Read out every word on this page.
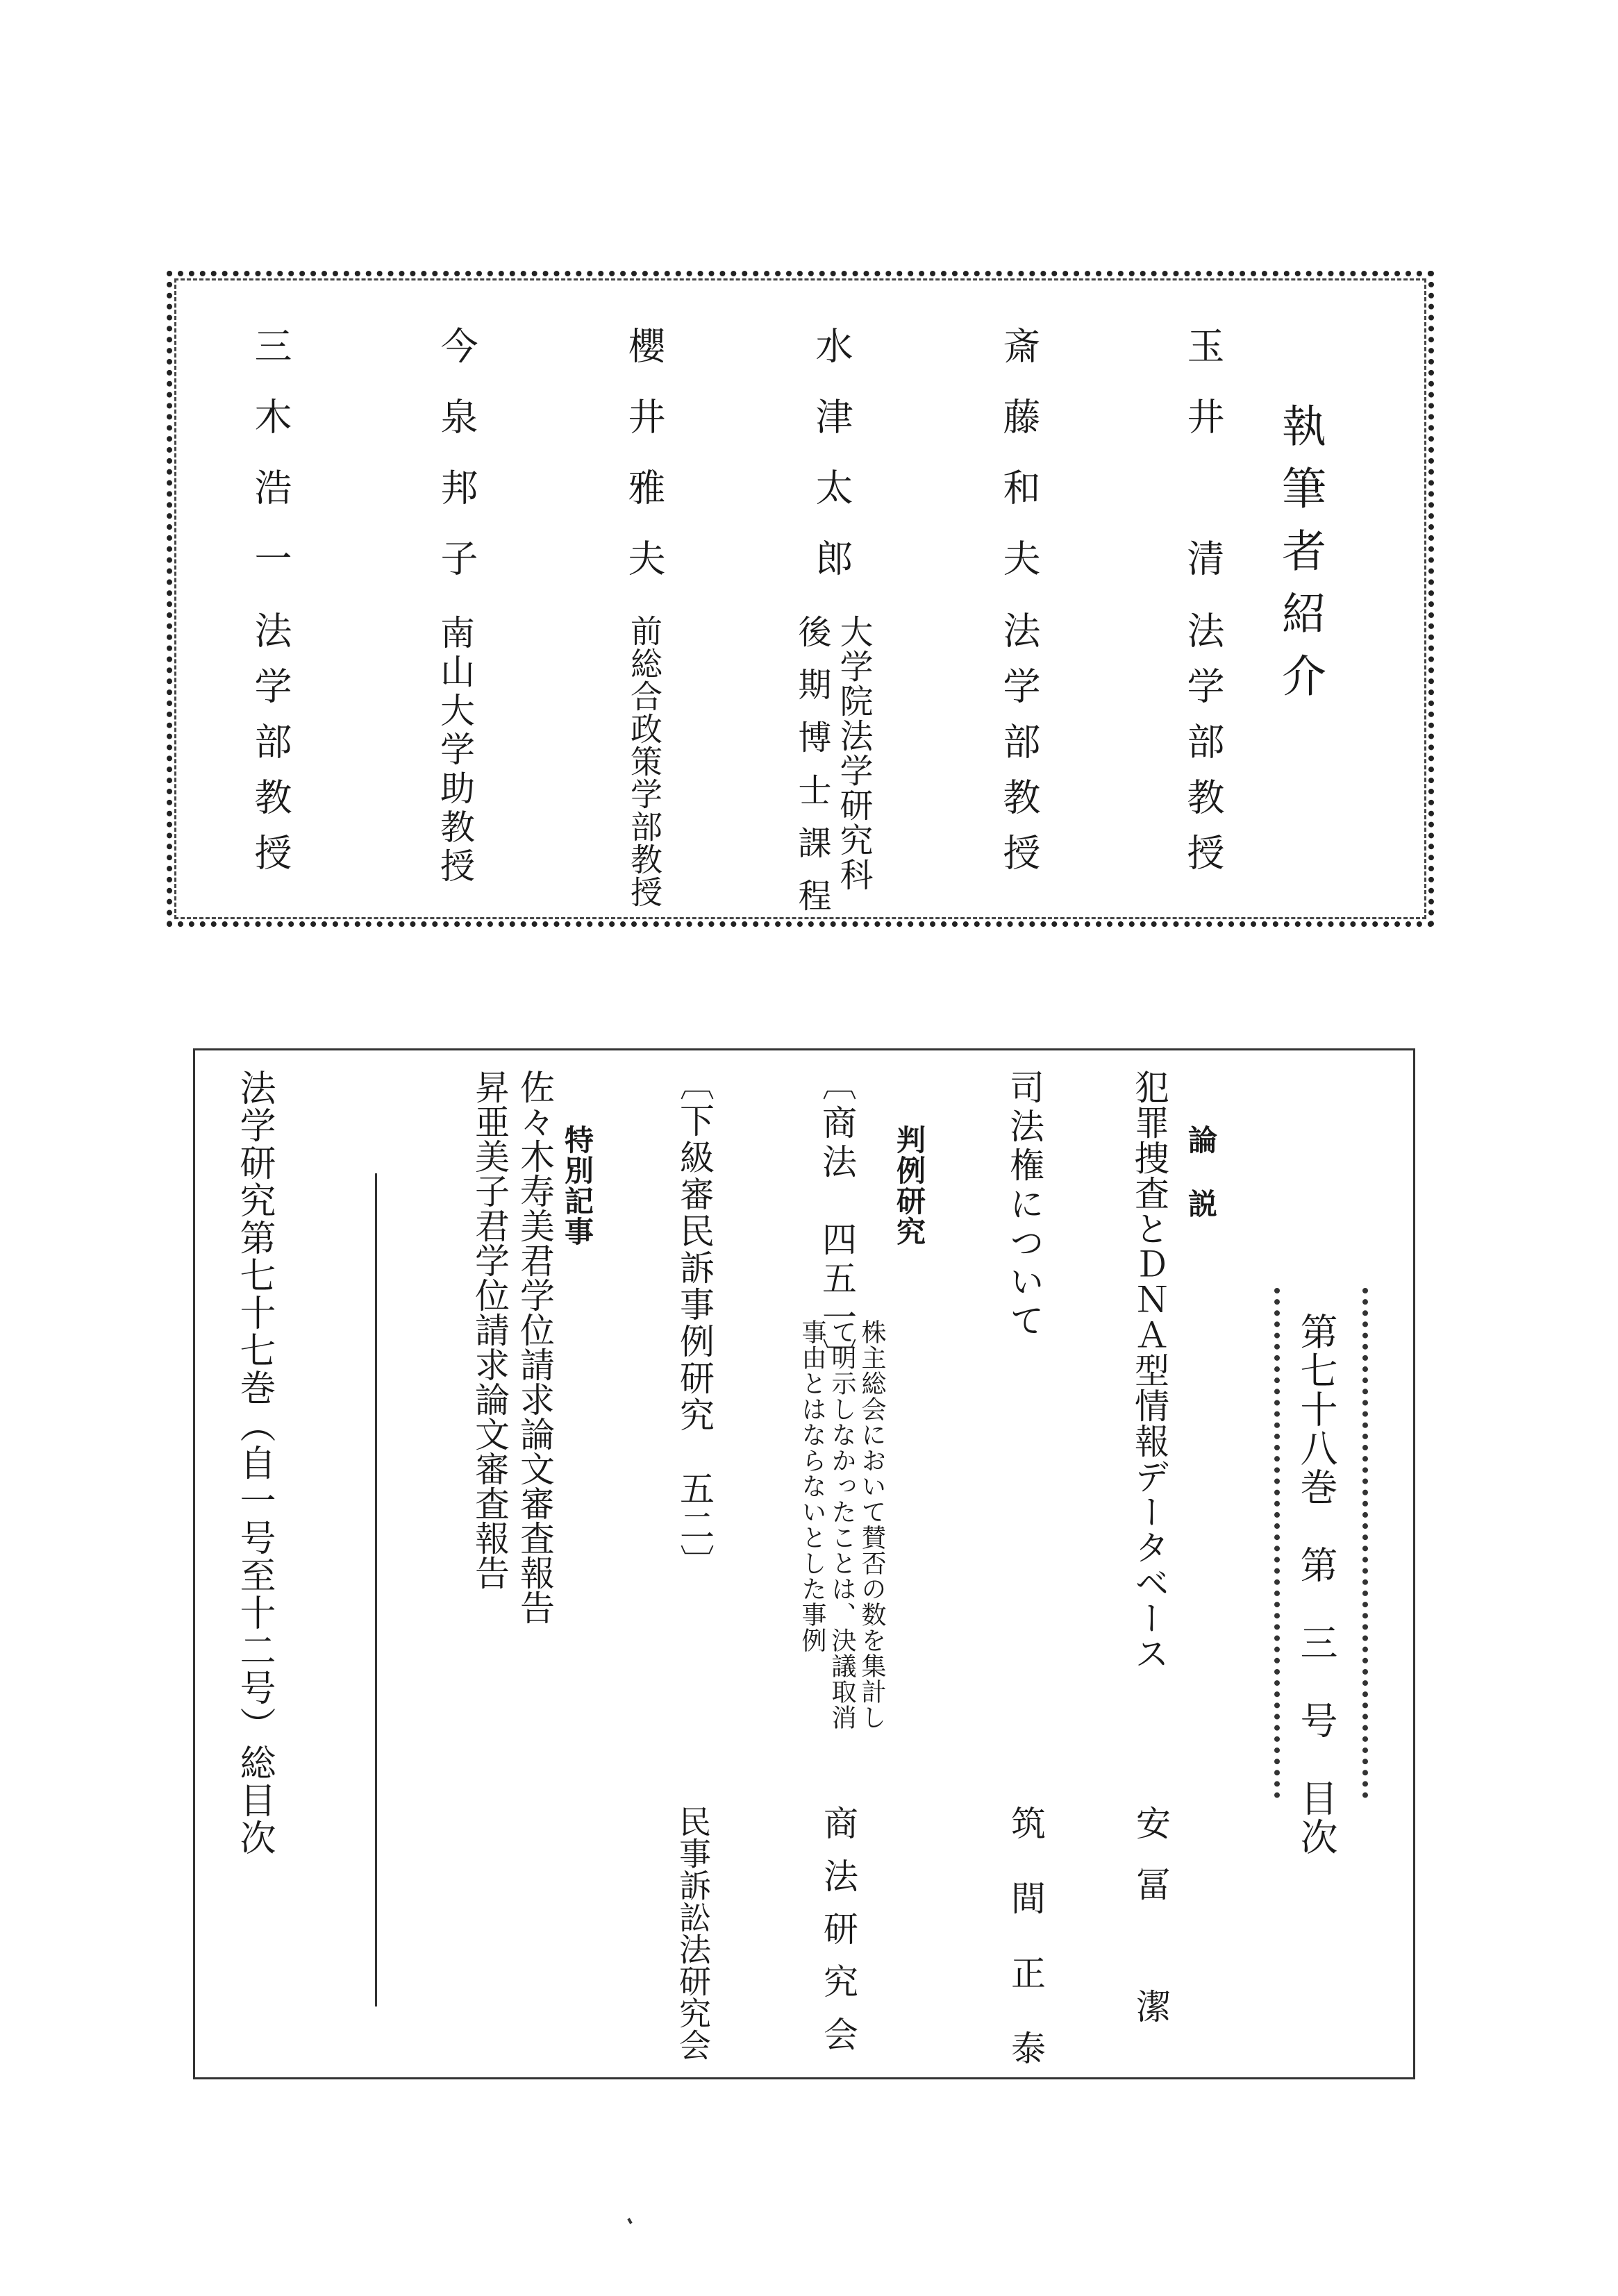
執筆者紹介
玉井　清
法学部教授
斎藤和夫
法学部教授
水津太郎
大学院法学研究科
後期博士課程
櫻井雅夫
前総合政策学部教授
今泉邦子
南山大学助教授
三木浩一
法学部教授
第七十八巻　第　三　号　目次
論　説
犯罪捜査とＤＮＡ型情報データベース
安冨　潔
司法権について
筑間正泰
判例研究
〔商法　四五一〕
株主総会において賛否の数を集計し
て明示しなかったことは、決議取消
事由とはならないとした事例
商法研究会
〔下級審民訴事例研究　五二〕
民事訴訟法研究会
特別記事
佐々木寿美君学位請求論文審査報告
昇亜美子君学位請求論文審査報告
法学研究第七十七巻（自一号至十二号）総目次
